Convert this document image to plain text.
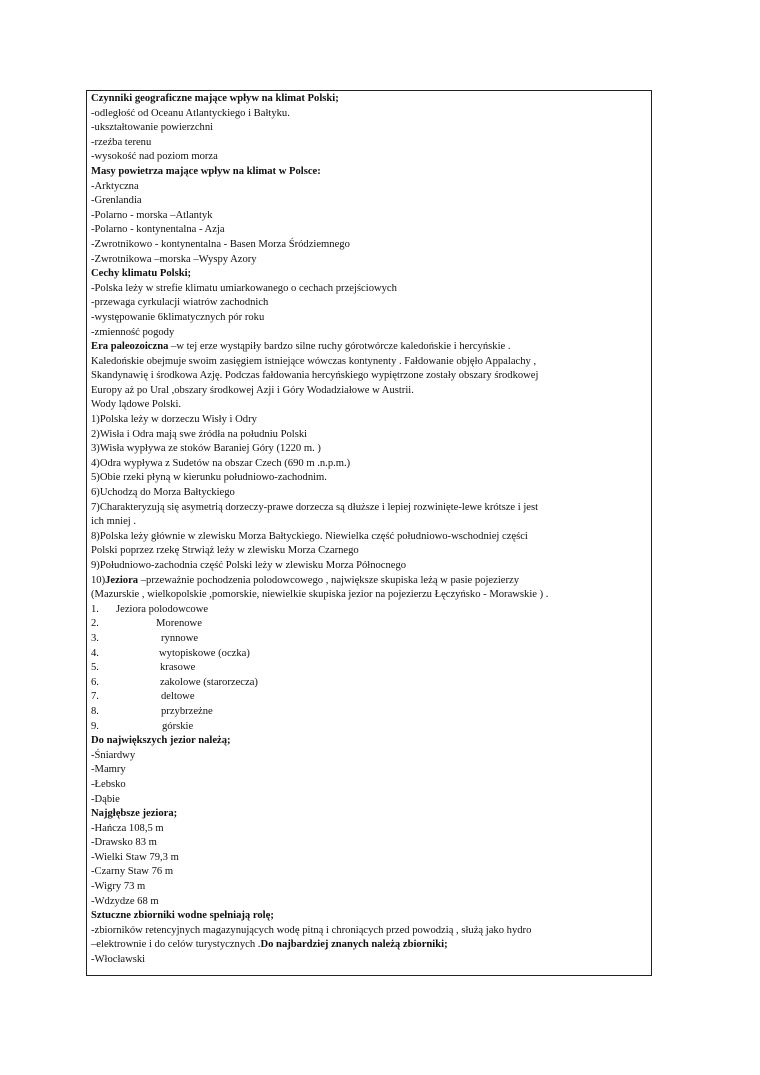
Czynniki geograficzne mające wpływ na klimat Polski;
-odległość od Oceanu Atlantyckiego i Bałtyku.
-ukształtowanie powierzchni
-rzeźba terenu
-wysokość nad poziom morza
Masy powietrza mające wpływ na klimat w Polsce:
-Arktyczna
-Grenlandia
-Polarno - morska –Atlantyk
-Polarno - kontynentalna - Azja
-Zwrotnikowo - kontynentalna - Basen Morza Śródziemnego
-Zwrotnikowa –morska –Wyspy Azory
Cechy klimatu Polski;
-Polska leży w strefie klimatu umiarkowanego o cechach przejściowych
-przewaga cyrkulacji wiatrów zachodnich
-występowanie 6klimatycznych pór roku
-zmienność pogody
Era paleozoiczna –w tej erze wystąpiły bardzo silne ruchy górotwórcze kaledońskie i hercyńskie .
Kaledońskie obejmuje swoim zasięgiem istniejące wówczas kontynenty . Fałdowanie objęło Appalachy ,
Skandynawię i środkowa Azję. Podczas fałdowania hercyńskiego wypiętrzone zostały obszary środkowej
Europy aż po Ural ,obszary środkowej Azji i Góry Wodadziałowe w Austrii.
Wody lądowe Polski.
1)Polska leży w dorzeczu Wisły i Odry
2)Wisła i Odra mają swe źródła na południu Polski
3)Wisła wypływa ze stoków Baraniej Góry (1220 m. )
4)Odra wypływa z Sudetów na obszar Czech (690 m .n.p.m.)
5)Obie rzeki płyną w kierunku południowo-zachodnim.
6)Uchodzą do Morza Bałtyckiego
7)Charakteryzują się asymetrią dorzeczy-prawe dorzecza są dłuższe i lepiej rozwinięte-lewe krótsze i jest
ich mniej .
8)Polska leży głównie w zlewisku Morza Bałtyckiego. Niewielka część południowo-wschodniej części
Polski poprzez rzekę Strwiąż leży w zlewisku Morza Czarnego
9)Południowo-zachodnia część Polski leży w zlewisku Morza Północnego
10)Jeziora –przeważnie pochodzenia polodowcowego , największe skupiska leżą w pasie pojezierzy
(Mazurskie , wielkopolskie ,pomorskie, niewielkie skupiska jezior na pojezierzu Łęczyńsko - Morawskie ) .
1. Jeziora polodowcowe
2.	Morenowe
3.	rynnowe
4.	wytopiskowe (oczka)
5.	krasowe
6.	zakolowe (starorzecza)
7.	deltowe
8.	przybrzeżne
9.	górskie
Do największych jezior należą;
-Śniardwy
-Mamry
-Łebsko
-Dąbie
Najgłębsze jeziora;
-Hańcza 108,5 m
-Drawsko 83 m
-Wielki Staw 79,3 m
-Czarny Staw 76 m
-Wigry 73 m
-Wdzydze 68 m
Sztuczne zbiorniki wodne spełniają rolę;
-zbiorników retencyjnych magazynujących wodę pitną i chroniących przed powodzią , służą jako hydro
–elektrownie i do celów turystycznych .Do najbardziej znanych należą zbiorniki;
-Włocławski
